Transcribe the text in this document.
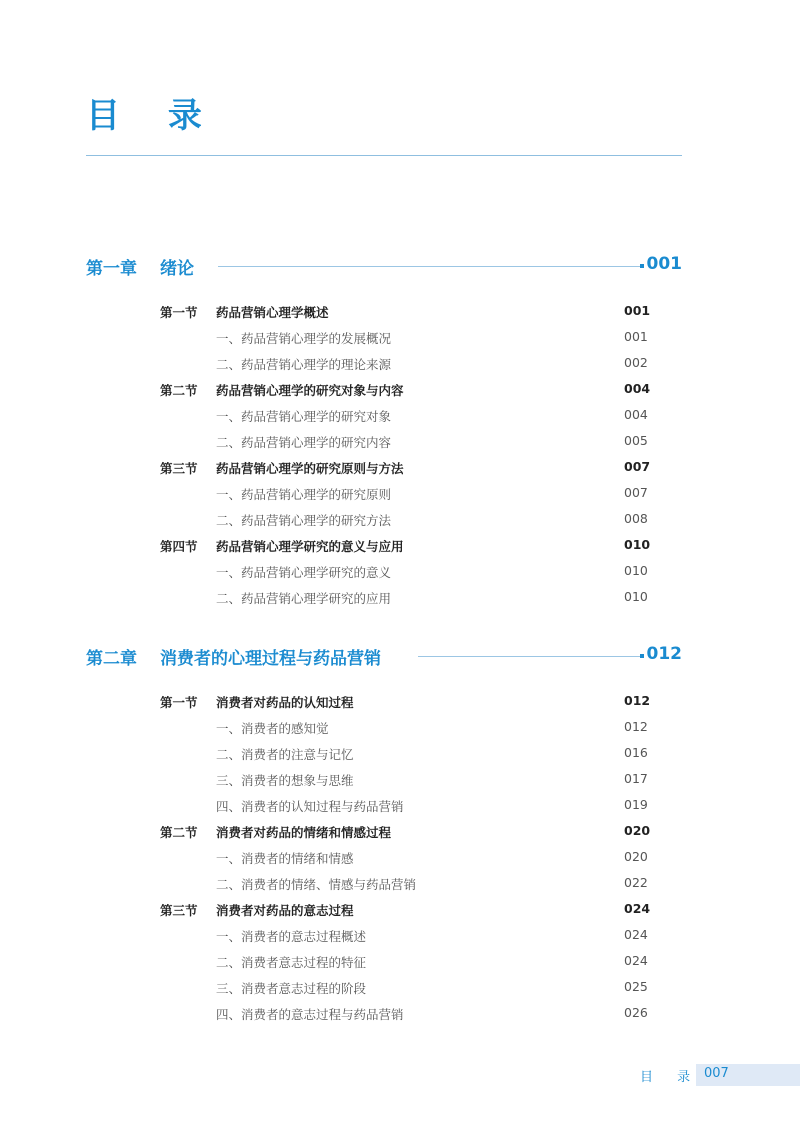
目 录
第一章 绪论	001
第一节 药品营销心理学概述	001
一、药品营销心理学的发展概况	001
二、药品营销心理学的理论来源	002
第二节 药品营销心理学的研究对象与内容	004
一、药品营销心理学的研究对象	004
二、药品营销心理学的研究内容	005
第三节 药品营销心理学的研究原则与方法	007
一、药品营销心理学的研究原则	007
二、药品营销心理学的研究方法	008
第四节 药品营销心理学研究的意义与应用	010
一、药品营销心理学研究的意义	010
二、药品营销心理学研究的应用	010
第二章 消费者的心理过程与药品营销	012
第一节 消费者对药品的认知过程	012
一、消费者的感知觉	012
二、消费者的注意与记忆	016
三、消费者的想象与思维	017
四、消费者的认知过程与药品营销	019
第二节 消费者对药品的情绪和情感过程	020
一、消费者的情绪和情感	020
二、消费者的情绪、情感与药品营销	022
第三节 消费者对药品的意志过程	024
一、消费者的意志过程概述	024
二、消费者意志过程的特征	024
三、消费者意志过程的阶段	025
四、消费者的意志过程与药品营销	026
目 录 007
